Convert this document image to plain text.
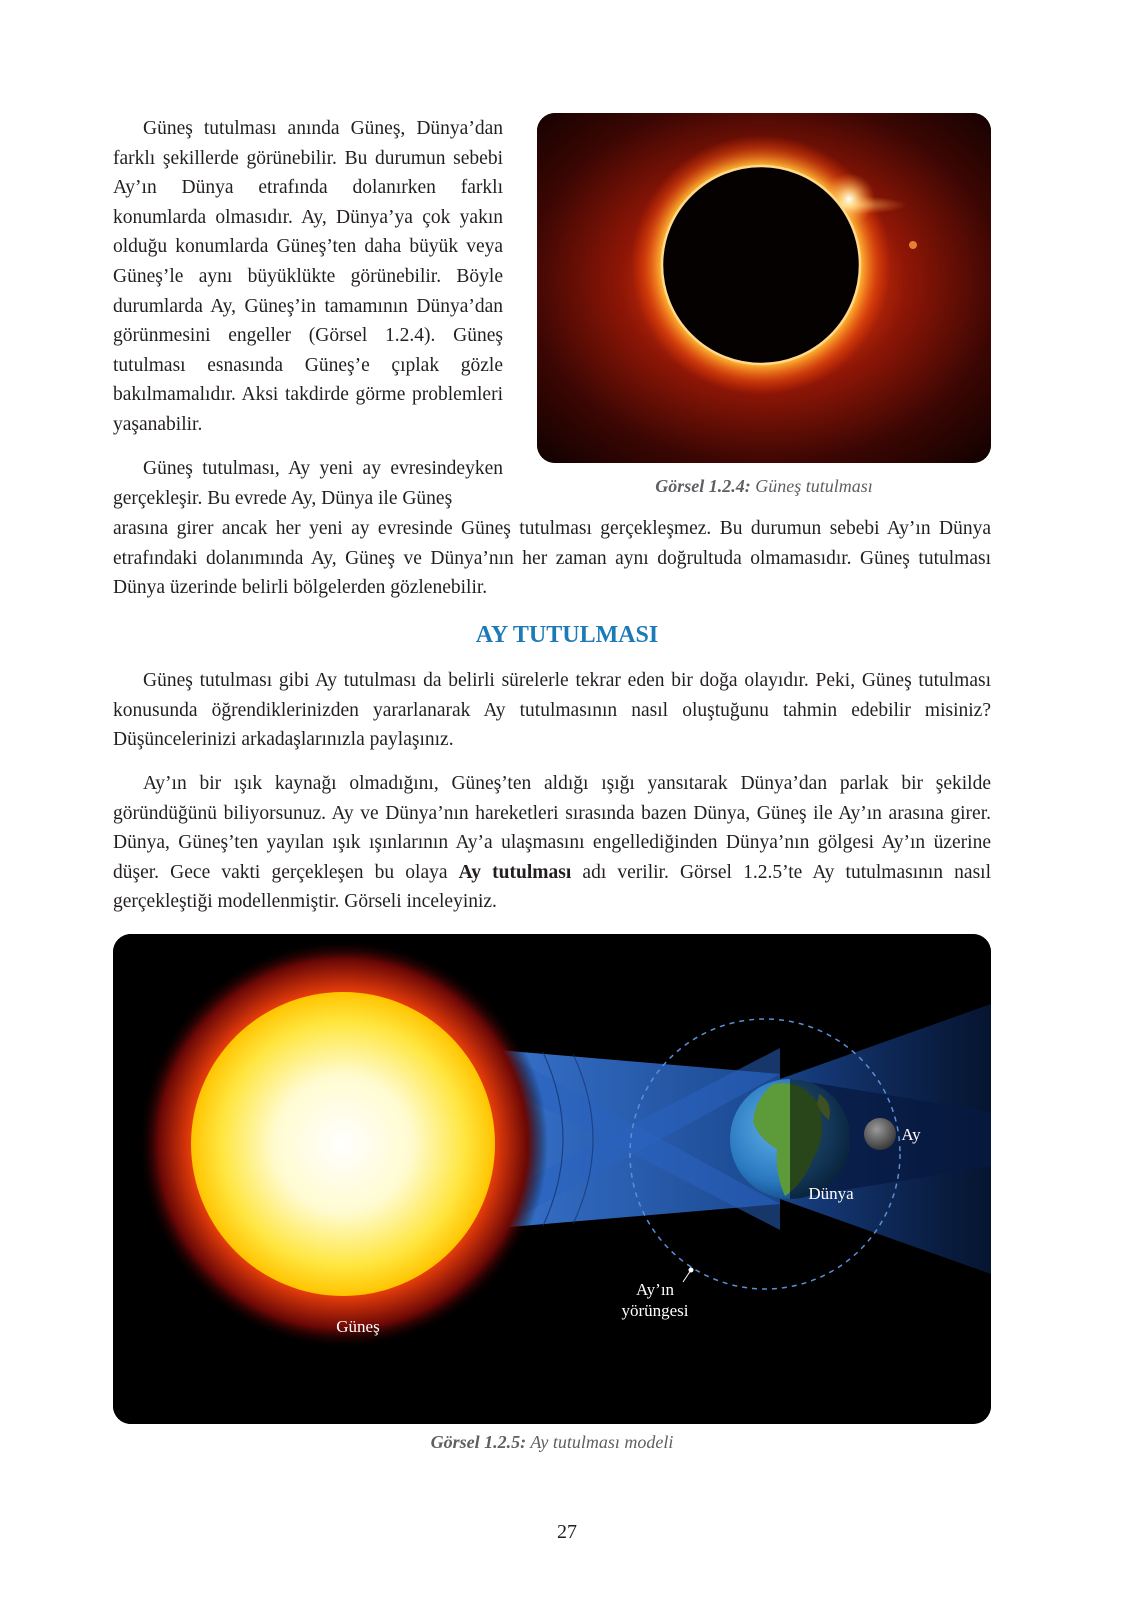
Güneş tutulması anında Güneş, Dünya’dan farklı şekillerde görünebilir. Bu durumun sebebi Ay’ın Dünya etrafında dolanırken farklı konumlarda olmasıdır. Ay, Dünya’ya çok yakın olduğu konumlarda Güneş’ten daha büyük veya Güneş’le aynı büyüklükte görünebilir. Böyle durumlarda Ay, Güneş’in tamamının Dünya’dan görünmesini engeller (Görsel 1.2.4). Güneş tutulması esnasında Güneş’e çıplak gözle bakılmamalıdır. Aksi takdirde görme problemleri yaşanabilir.

Güneş tutulması, Ay yeni ay evresindeyken gerçekleşir. Bu evrede Ay, Dünya ile Güneş

arasına girer ancak her yeni ay evresinde Güneş tutulması gerçekleşmez. Bu durumun sebebi Ay’ın Dünya etrafındaki dolanımında Ay, Güneş ve Dünya’nın her zaman aynı doğrultuda olmamasıdır. Güneş tutulması Dünya üzerinde belirli bölgelerden gözlenebilir.

Görsel 1.2.4: Güneş tutulması

AY TUTULMASI

Güneş tutulması gibi Ay tutulması da belirli sürelerle tekrar eden bir doğa olayıdır. Peki, Güneş tutulması konusunda öğrendiklerinizden yararlanarak Ay tutulmasının nasıl oluştuğunu tahmin edebilir misiniz? Düşüncelerinizi arkadaşlarınızla paylaşınız.

Ay’ın bir ışık kaynağı olmadığını, Güneş’ten aldığı ışığı yansıtarak Dünya’dan parlak bir şekilde göründüğünü biliyorsunuz. Ay ve Dünya’nın hareketleri sırasında bazen Dünya, Güneş ile Ay’ın arasına girer. Dünya, Güneş’ten yayılan ışık ışınlarının Ay’a ulaşmasını engellediğinden Dünya’nın gölgesi Ay’ın üzerine düşer. Gece vakti gerçekleşen bu olaya Ay tutulması adı verilir. Görsel 1.2.5’te Ay tutulmasının nasıl gerçekleştiği modellenmiştir. Görseli inceleyiniz.

Güneş
Dünya
Ay
Ay’ın
yörüngesi

Görsel 1.2.5: Ay tutulması modeli

27
